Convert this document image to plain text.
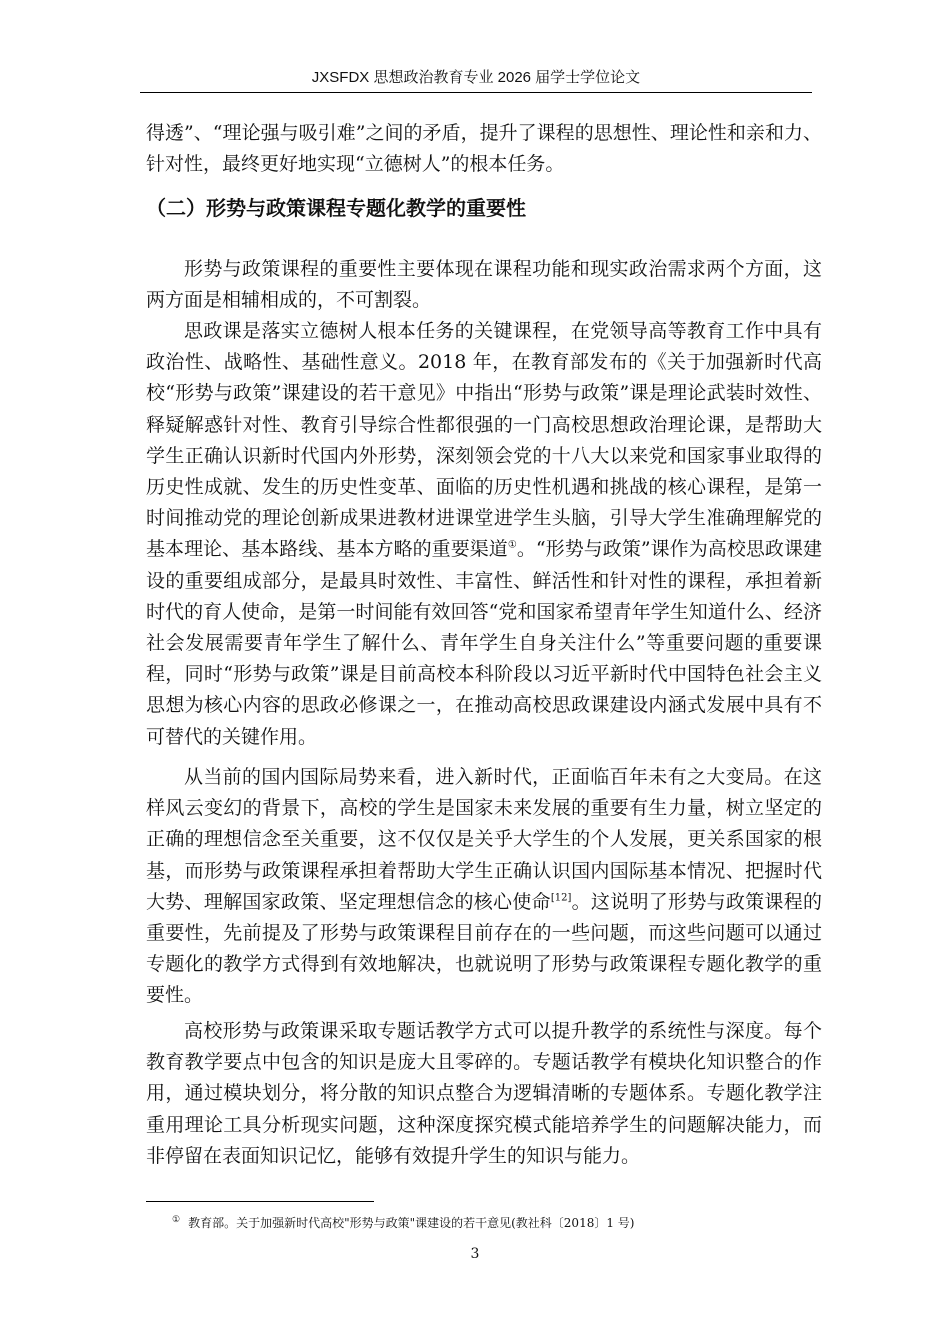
JXSFDX 思想政治教育专业 2026 届学士学位论文

得透”、“理论强与吸引难”之间的矛盾，提升了课程的思想性、理论性和亲和力、针对性，最终更好地实现“立德树人”的根本任务。

（二）形势与政策课程专题化教学的重要性

形势与政策课程的重要性主要体现在课程功能和现实政治需求两个方面，这两方面是相辅相成的，不可割裂。

思政课是落实立德树人根本任务的关键课程，在党领导高等教育工作中具有政治性、战略性、基础性意义。2018 年，在教育部发布的《关于加强新时代高校“形势与政策”课建设的若干意见》中指出“形势与政策”课是理论武装时效性、释疑解惑针对性、教育引导综合性都很强的一门高校思想政治理论课，是帮助大学生正确认识新时代国内外形势，深刻领会党的十八大以来党和国家事业取得的历史性成就、发生的历史性变革、面临的历史性机遇和挑战的核心课程，是第一时间推动党的理论创新成果进教材进课堂进学生头脑，引导大学生准确理解党的基本理论、基本路线、基本方略的重要渠道①。“形势与政策”课作为高校思政课建设的重要组成部分，是最具时效性、丰富性、鲜活性和针对性的课程，承担着新时代的育人使命，是第一时间能有效回答“党和国家希望青年学生知道什么、经济社会发展需要青年学生了解什么、青年学生自身关注什么”等重要问题的重要课程，同时“形势与政策”课是目前高校本科阶段以习近平新时代中国特色社会主义思想为核心内容的思政必修课之一，在推动高校思政课建设内涵式发展中具有不可替代的关键作用。

从当前的国内国际局势来看，进入新时代，正面临百年未有之大变局。在这样风云变幻的背景下，高校的学生是国家未来发展的重要有生力量，树立坚定的正确的理想信念至关重要，这不仅仅是关乎大学生的个人发展，更关系国家的根基，而形势与政策课程承担着帮助大学生正确认识国内国际基本情况、把握时代大势、理解国家政策、坚定理想信念的核心使命[12]。这说明了形势与政策课程的重要性，先前提及了形势与政策课程目前存在的一些问题，而这些问题可以通过专题化的教学方式得到有效地解决，也就说明了形势与政策课程专题化教学的重要性。

高校形势与政策课采取专题话教学方式可以提升教学的系统性与深度。每个教育教学要点中包含的知识是庞大且零碎的。专题话教学有模块化知识整合的作用，通过模块划分，将分散的知识点整合为逻辑清晰的专题体系。专题化教学注重用理论工具分析现实问题，这种深度探究模式能培养学生的问题解决能力，而非停留在表面知识记忆，能够有效提升学生的知识与能力。

① 教育部。关于加强新时代高校"形势与政策"课建设的若干意见(教社科〔2018〕1 号)
3
